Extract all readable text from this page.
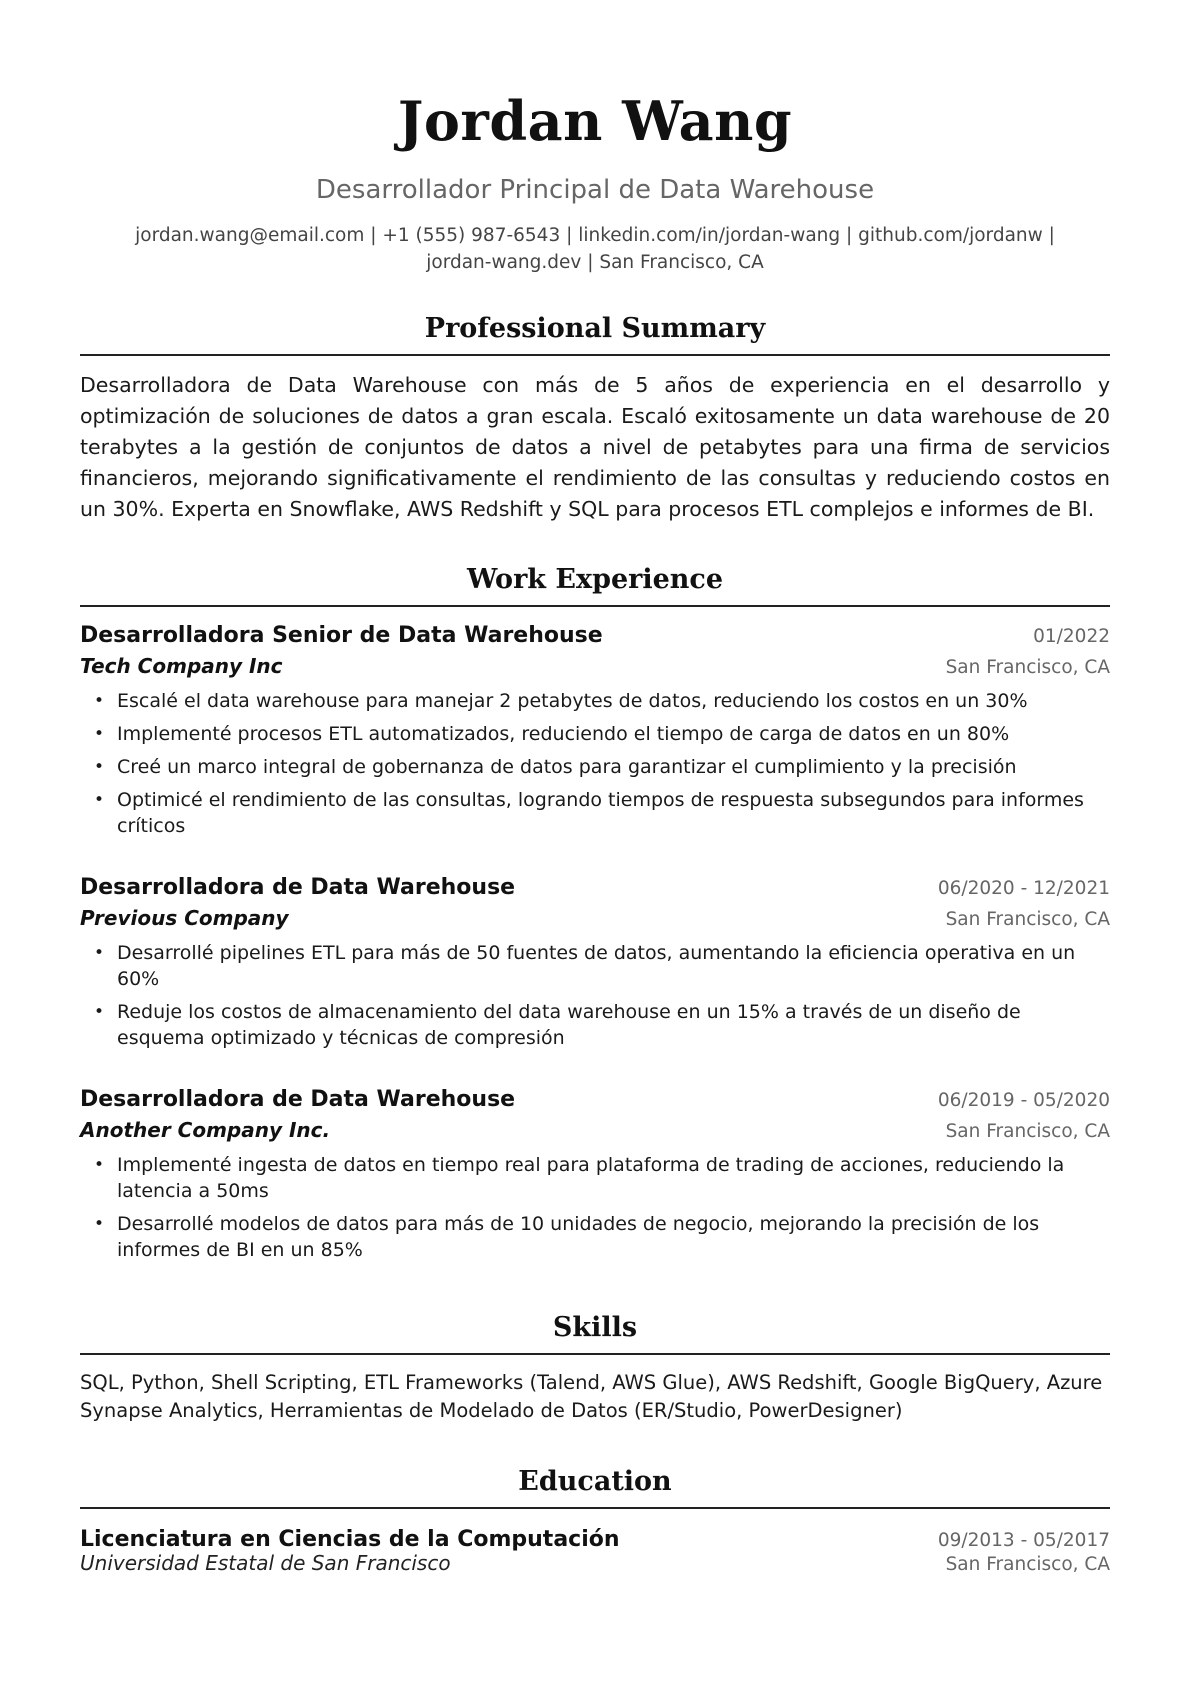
Jordan Wang
Desarrollador Principal de Data Warehouse
jordan.wang@email.com | +1 (555) 987-6543 | linkedin.com/in/jordan-wang | github.com/jordanw |
jordan-wang.dev | San Francisco, CA
Professional Summary
Desarrolladora de Data Warehouse con más de 5 años de experiencia en el desarrollo y optimización de soluciones de datos a gran escala. Escaló exitosamente un data warehouse de 20 terabytes a la gestión de conjuntos de datos a nivel de petabytes para una firma de servicios financieros, mejorando significativamente el rendimiento de las consultas y reduciendo costos en un 30%. Experta en Snowflake, AWS Redshift y SQL para procesos ETL complejos e informes de BI.
Work Experience
Desarrolladora Senior de Data Warehouse	01/2022
Tech Company Inc	San Francisco, CA
• Escalé el data warehouse para manejar 2 petabytes de datos, reduciendo los costos en un 30%
• Implementé procesos ETL automatizados, reduciendo el tiempo de carga de datos en un 80%
• Creé un marco integral de gobernanza de datos para garantizar el cumplimiento y la precisión
• Optimicé el rendimiento de las consultas, logrando tiempos de respuesta subsegundos para informes críticos
Desarrolladora de Data Warehouse	06/2020 - 12/2021
Previous Company	San Francisco, CA
• Desarrollé pipelines ETL para más de 50 fuentes de datos, aumentando la eficiencia operativa en un 60%
• Reduje los costos de almacenamiento del data warehouse en un 15% a través de un diseño de esquema optimizado y técnicas de compresión
Desarrolladora de Data Warehouse	06/2019 - 05/2020
Another Company Inc.	San Francisco, CA
• Implementé ingesta de datos en tiempo real para plataforma de trading de acciones, reduciendo la latencia a 50ms
• Desarrollé modelos de datos para más de 10 unidades de negocio, mejorando la precisión de los informes de BI en un 85%
Skills
SQL, Python, Shell Scripting, ETL Frameworks (Talend, AWS Glue), AWS Redshift, Google BigQuery, Azure Synapse Analytics, Herramientas de Modelado de Datos (ER/Studio, PowerDesigner)
Education
Licenciatura en Ciencias de la Computación	09/2013 - 05/2017
Universidad Estatal de San Francisco	San Francisco, CA
